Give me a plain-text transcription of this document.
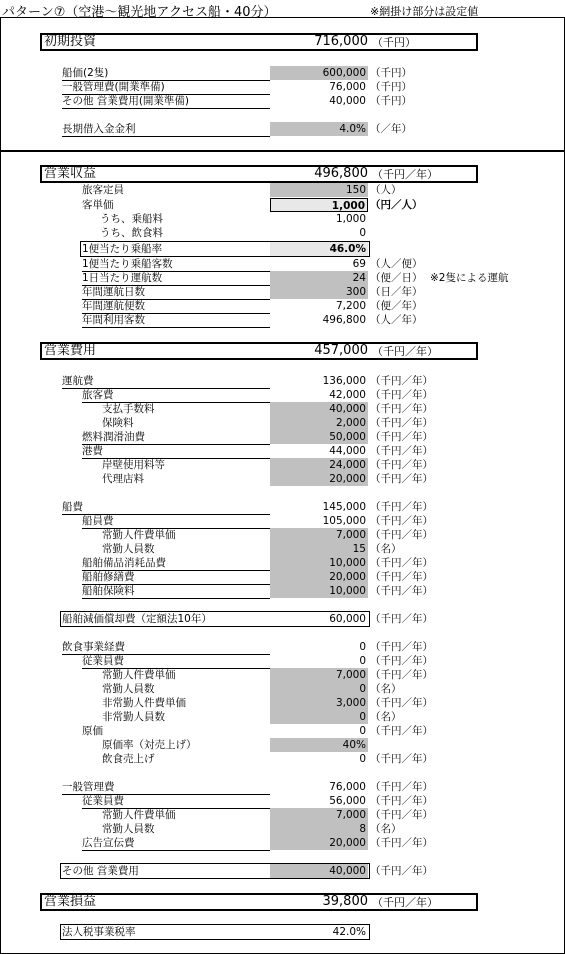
パターン⑦（空港～観光地アクセス船・40分）	※網掛け部分は設定値
初期投資	716,000 （千円）
船価(2隻)	600,000 （千円）
一般管理費(開業準備)	76,000 （千円）
その他 営業費用(開業準備)	40,000 （千円）
長期借入金金利	4.0% （／年）
営業収益	496,800 （千円／年）
旅客定員	150 （人）
客単価	1,000 （円／人）
うち、乗船料	1,000
うち、飲食料	0
1便当たり乗船率	46.0%
1便当たり乗船客数	69 （人／便）
1日当たり運航数	24 （便／日） ※2隻による運航
年間運航日数	300 （日／年）
年間運航便数	7,200 （便／年）
年間利用客数	496,800 （人／年）
営業費用	457,000 （千円／年）
運航費	136,000 （千円／年）
旅客費	42,000 （千円／年）
支払手数料	40,000 （千円／年）
保険料	2,000 （千円／年）
燃料潤滑油費	50,000 （千円／年）
港費	44,000 （千円／年）
岸壁使用料等	24,000 （千円／年）
代理店料	20,000 （千円／年）
船費	145,000 （千円／年）
船員費	105,000 （千円／年）
常勤人件費単価	7,000 （千円／年）
常勤人員数	15 （名）
船舶備品消耗品費	10,000 （千円／年）
船舶修繕費	20,000 （千円／年）
船舶保険料	10,000 （千円／年）
船舶減価償却費（定額法10年）	60,000 （千円／年）
飲食事業経費	0 （千円／年）
従業員費	0 （千円／年）
常勤人件費単価	7,000 （千円／年）
常勤人員数	0 （名）
非常勤人件費単価	3,000 （千円／年）
非常勤人員数	0 （名）
原価	0 （千円／年）
原価率（対売上げ）	40%
飲食売上げ	0 （千円／年）
一般管理費	76,000 （千円／年）
従業員費	56,000 （千円／年）
常勤人件費単価	7,000 （千円／年）
常勤人員数	8 （名）
広告宣伝費	20,000 （千円／年）
その他 営業費用	40,000 （千円／年）
営業損益	39,800 （千円／年）
法人税事業税率	42.0%
